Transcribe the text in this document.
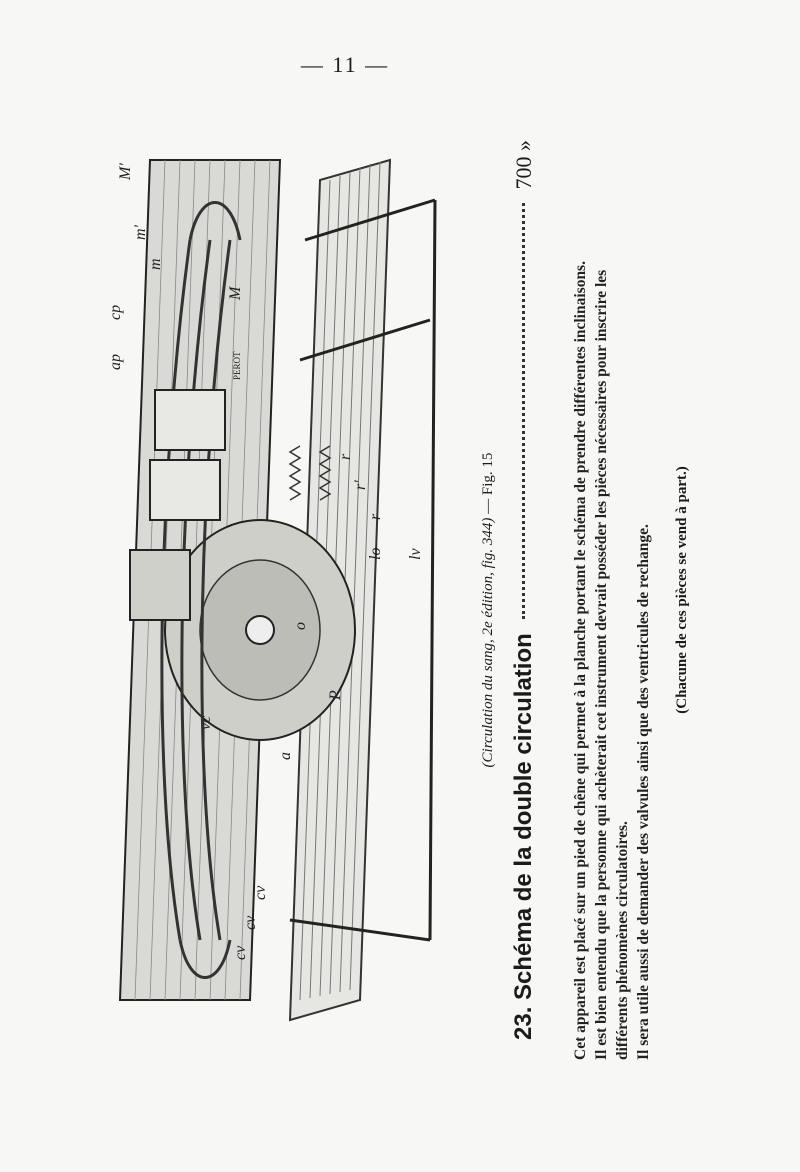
— 11 —
M'
m'
m
M
cp
ap	PEROT
r
r'
r
lo lv
vc
a
P
o
cv
cv
cv
(Circulation du sang, 2e édition, fig. 344) — Fig. 15
23. Schéma de la double circulation
700 »

Cet appareil est placé sur un pied de chêne qui permet à la planche portant le schéma de prendre différentes inclinaisons. Il est bien entendu que la personne qui achèterait cet instrument devrait posséder les pièces nécessaires pour inscrire les différents phénomènes circulatoires. Il sera utile aussi de demander des valvules ainsi que des ventricules de rechange. (Chacune de ces pièces se vend à part.)
